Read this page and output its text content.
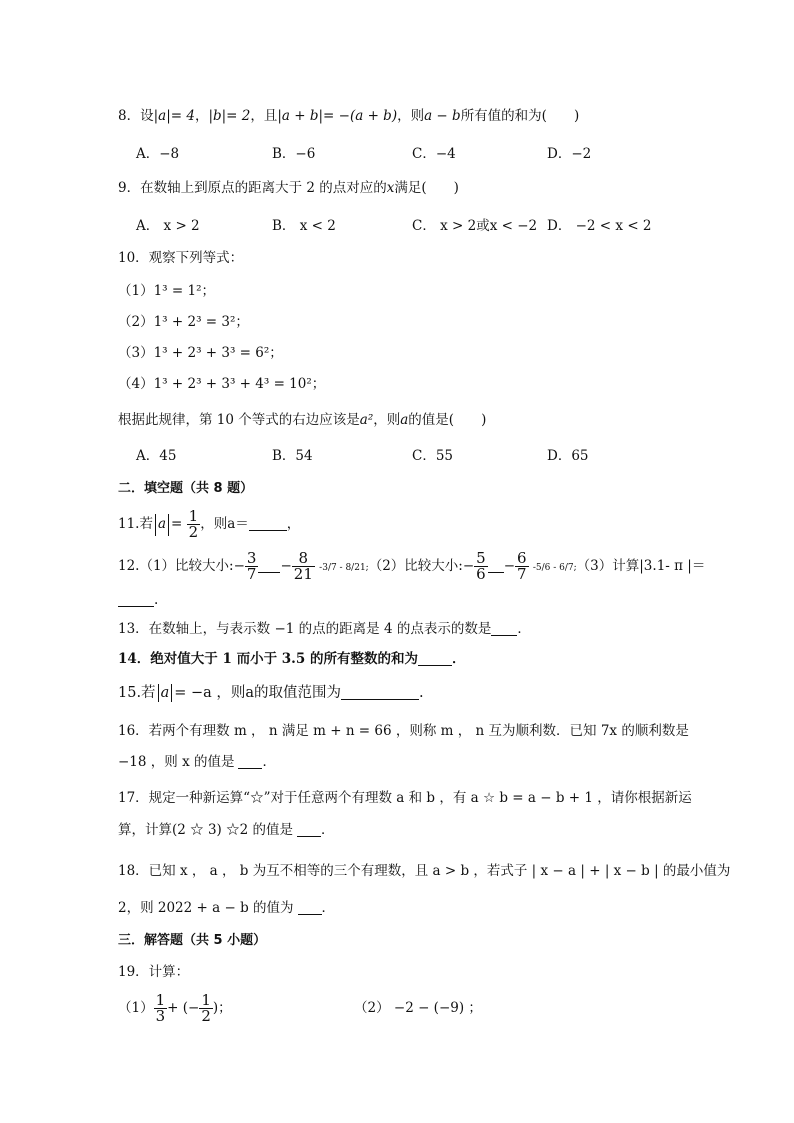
8．设|a|= 4，|b|= 2，且|a + b|= −(a + b)，则a − b所有值的和为(　　)
A．−8	B．−6	C．−4	D．−2
9．在数轴上到原点的距离大于 2 的点对应的x满足(　　)
A． x > 2	B． x < 2	C． x > 2或x < −2 D． −2 < x < 2
10．观察下列等式：
（1）1³ = 1²；
（2）1³ + 2³ = 3²；
（3）1³ + 2³ + 3³ = 6²；
（4）1³ + 2³ + 3³ + 4³ = 10²；
根据此规律，第 10 个等式的右边应该是a²，则a的值是(　　)
A．45	B．54	C．55	D．65
二．填空题（共 8 题）
11.若 $a = \frac{1}{2}$ ，则a＝	，
12.（1）比较大小:− $\frac{3}{7} - \frac{8}{21} -3/7$ - 8/21;（2）比较大小:− $\frac{5}{6} - \frac{6}{7} -5/6$ - 6/7;（3）计算|3.1- π |＝
.
13．在数轴上，与表示数 −1 的点的距离是 4 的点表示的数是 ．
14．绝对值大于 1 而小于 3.5 的所有整数的和为	．
15.若 a = −a ，则a的取值范围为	.
16．若两个有理数 m ， n 满足 m + n = 66 ，则称 m ， n 互为顺利数．已知 7x 的顺利数是
−18 ，则 x 的值是 ．
17．规定一种新运算“☆”对于任意两个有理数 a 和 b ，有 a ☆ b = a − b + 1 ，请你根据新运
算，计算(2 ☆ 3) ☆2 的值是 ．
18．已知 x ， a ， b 为互不相等的三个有理数，且 a > b ，若式子 | x − a | + | x − b | 的最小值为
2，则 2022 + a − b 的值为 ．
三．解答题（共 5 小题）
19．计算：
$(1) \frac{1}{3}$ + (− $\frac{1}{2}$ )；	（2） −2 − (−9) ；
